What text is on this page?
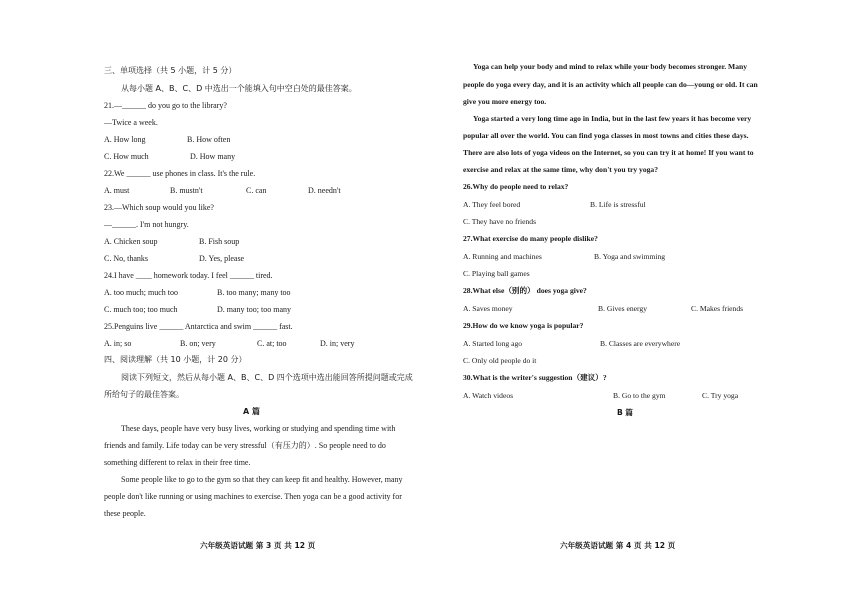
三、单项选择（共 5 小题，计 5 分）
从每小题 A、B、C、D 中选出一个能填入句中空白处的最佳答案。
21.—______ do you go to the library?
—Twice a week.
A. How long	B. How often
C. How much	D. How many
22.We ______ use phones in class. It's the rule.
A. must	B. mustn't	C. can	D. needn't
23.—Which soup would you like?
—______. I'm not hungry.
A. Chicken soup	B. Fish soup
C. No, thanks	D. Yes, please
24.I have ____ homework today. I feel ______ tired.
A. too much; much too	B. too many; many too
C. much too; too much	D. many too; too many
25.Penguins live ______ Antarctica and swim ______ fast.
A. in; so	B. on; very	C. at; too	D. in; very
四、阅读理解（共 10 小题，计 20 分）
阅读下列短文，然后从每小题 A、B、C、D 四个选项中选出能回答所提问题或完成
所给句子的最佳答案。
A 篇
These days, people have very busy lives, working or studying and spending time with
friends and family. Life today can be very stressful（有压力的）. So people need to do
something different to relax in their free time.
Some people like to go to the gym so that they can keep fit and healthy. However, many
people don't like running or using machines to exercise. Then yoga can be a good activity for
these people.
六年级英语试题 第 3 页 共 12 页
Yoga can help your body and mind to relax while your body becomes stronger. Many
people do yoga every day, and it is an activity which all people can do—young or old. It can
give you more energy too.
Yoga started a very long time ago in India, but in the last few years it has become very
popular all over the world. You can find yoga classes in most towns and cities these days.
There are also lots of yoga videos on the Internet, so you can try it at home! If you want to
exercise and relax at the same time, why don't you try yoga?
26.Why do people need to relax?
A. They feel bored	B. Life is stressful
C. They have no friends
27.What exercise do many people dislike?
A. Running and machines	B. Yoga and swimming
C. Playing ball games
28.What else（别的） does yoga give?
A. Saves money	B. Gives energy	C. Makes friends
29.How do we know yoga is popular?
A. Started long ago	B. Classes are everywhere
C. Only old people do it
30.What is the writer's suggestion（建议）?
A. Watch videos	B. Go to the gym	C. Try yoga
B 篇
六年级英语试题 第 4 页 共 12 页
